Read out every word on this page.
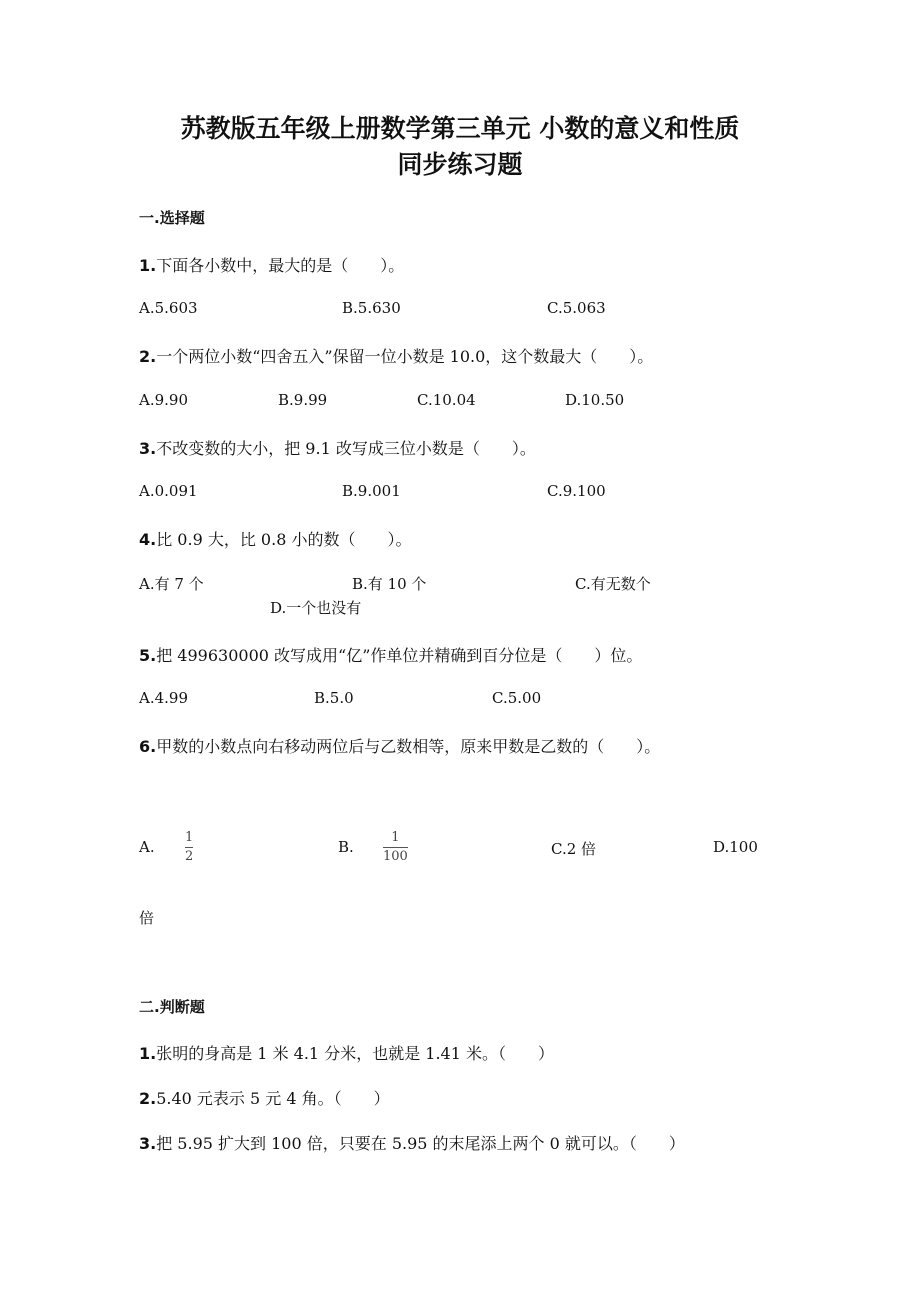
苏教版五年级上册数学第三单元 小数的意义和性质
同步练习题
一.选择题
1.下面各小数中，最大的是（　　）。
A.5.603	B.5.630	C.5.063
2.一个两位小数“四舍五入”保留一位小数是 10.0，这个数最大（　　）。
A.9.90	B.9.99	C.10.04	D.10.50
3.不改变数的大小，把 9.1 改写成三位小数是（　　）。
A.0.091	B.9.001	C.9.100
4.比 0.9 大，比 0.8 小的数（　　）。
A.有 7 个	B.有 10 个	C.有无数个
D.一个也没有
5.把 499630000 改写成用“亿”作单位并精确到百分位是（　　）位。
A.4.99	B.5.0	C.5.00
6.甲数的小数点向右移动两位后与乙数相等，原来甲数是乙数的（　　）。
A.
1
2
B.
1
100	C.2 倍	D.100
倍
二.判断题
1.张明的身高是 1 米 4.1 分米，也就是 1.41 米。（　　）
2.5.40 元表示 5 元 4 角。（　　）
3.把 5.95 扩大到 100 倍，只要在 5.95 的末尾添上两个 0 就可以。（　　）
